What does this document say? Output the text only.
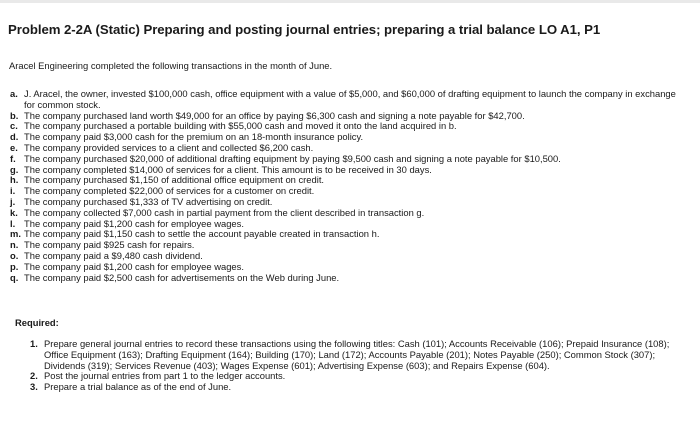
Problem 2-2A (Static) Preparing and posting journal entries; preparing a trial balance LO A1, P1
Aracel Engineering completed the following transactions in the month of June.
a. J. Aracel, the owner, invested $100,000 cash, office equipment with a value of $5,000, and $60,000 of drafting equipment to launch the company in exchange for common stock.
b. The company purchased land worth $49,000 for an office by paying $6,300 cash and signing a note payable for $42,700.
c. The company purchased a portable building with $55,000 cash and moved it onto the land acquired in b.
d. The company paid $3,000 cash for the premium on an 18-month insurance policy.
e. The company provided services to a client and collected $6,200 cash.
f. The company purchased $20,000 of additional drafting equipment by paying $9,500 cash and signing a note payable for $10,500.
g. The company completed $14,000 of services for a client. This amount is to be received in 30 days.
h. The company purchased $1,150 of additional office equipment on credit.
i. The company completed $22,000 of services for a customer on credit.
j. The company purchased $1,333 of TV advertising on credit.
k. The company collected $7,000 cash in partial payment from the client described in transaction g.
l. The company paid $1,200 cash for employee wages.
m. The company paid $1,150 cash to settle the account payable created in transaction h.
n. The company paid $925 cash for repairs.
o. The company paid a $9,480 cash dividend.
p. The company paid $1,200 cash for employee wages.
q. The company paid $2,500 cash for advertisements on the Web during June.
Required:
1. Prepare general journal entries to record these transactions using the following titles: Cash (101); Accounts Receivable (106); Prepaid Insurance (108); Office Equipment (163); Drafting Equipment (164); Building (170); Land (172); Accounts Payable (201); Notes Payable (250); Common Stock (307); Dividends (319); Services Revenue (403); Wages Expense (601); Advertising Expense (603); and Repairs Expense (604).
2. Post the journal entries from part 1 to the ledger accounts.
3. Prepare a trial balance as of the end of June.
